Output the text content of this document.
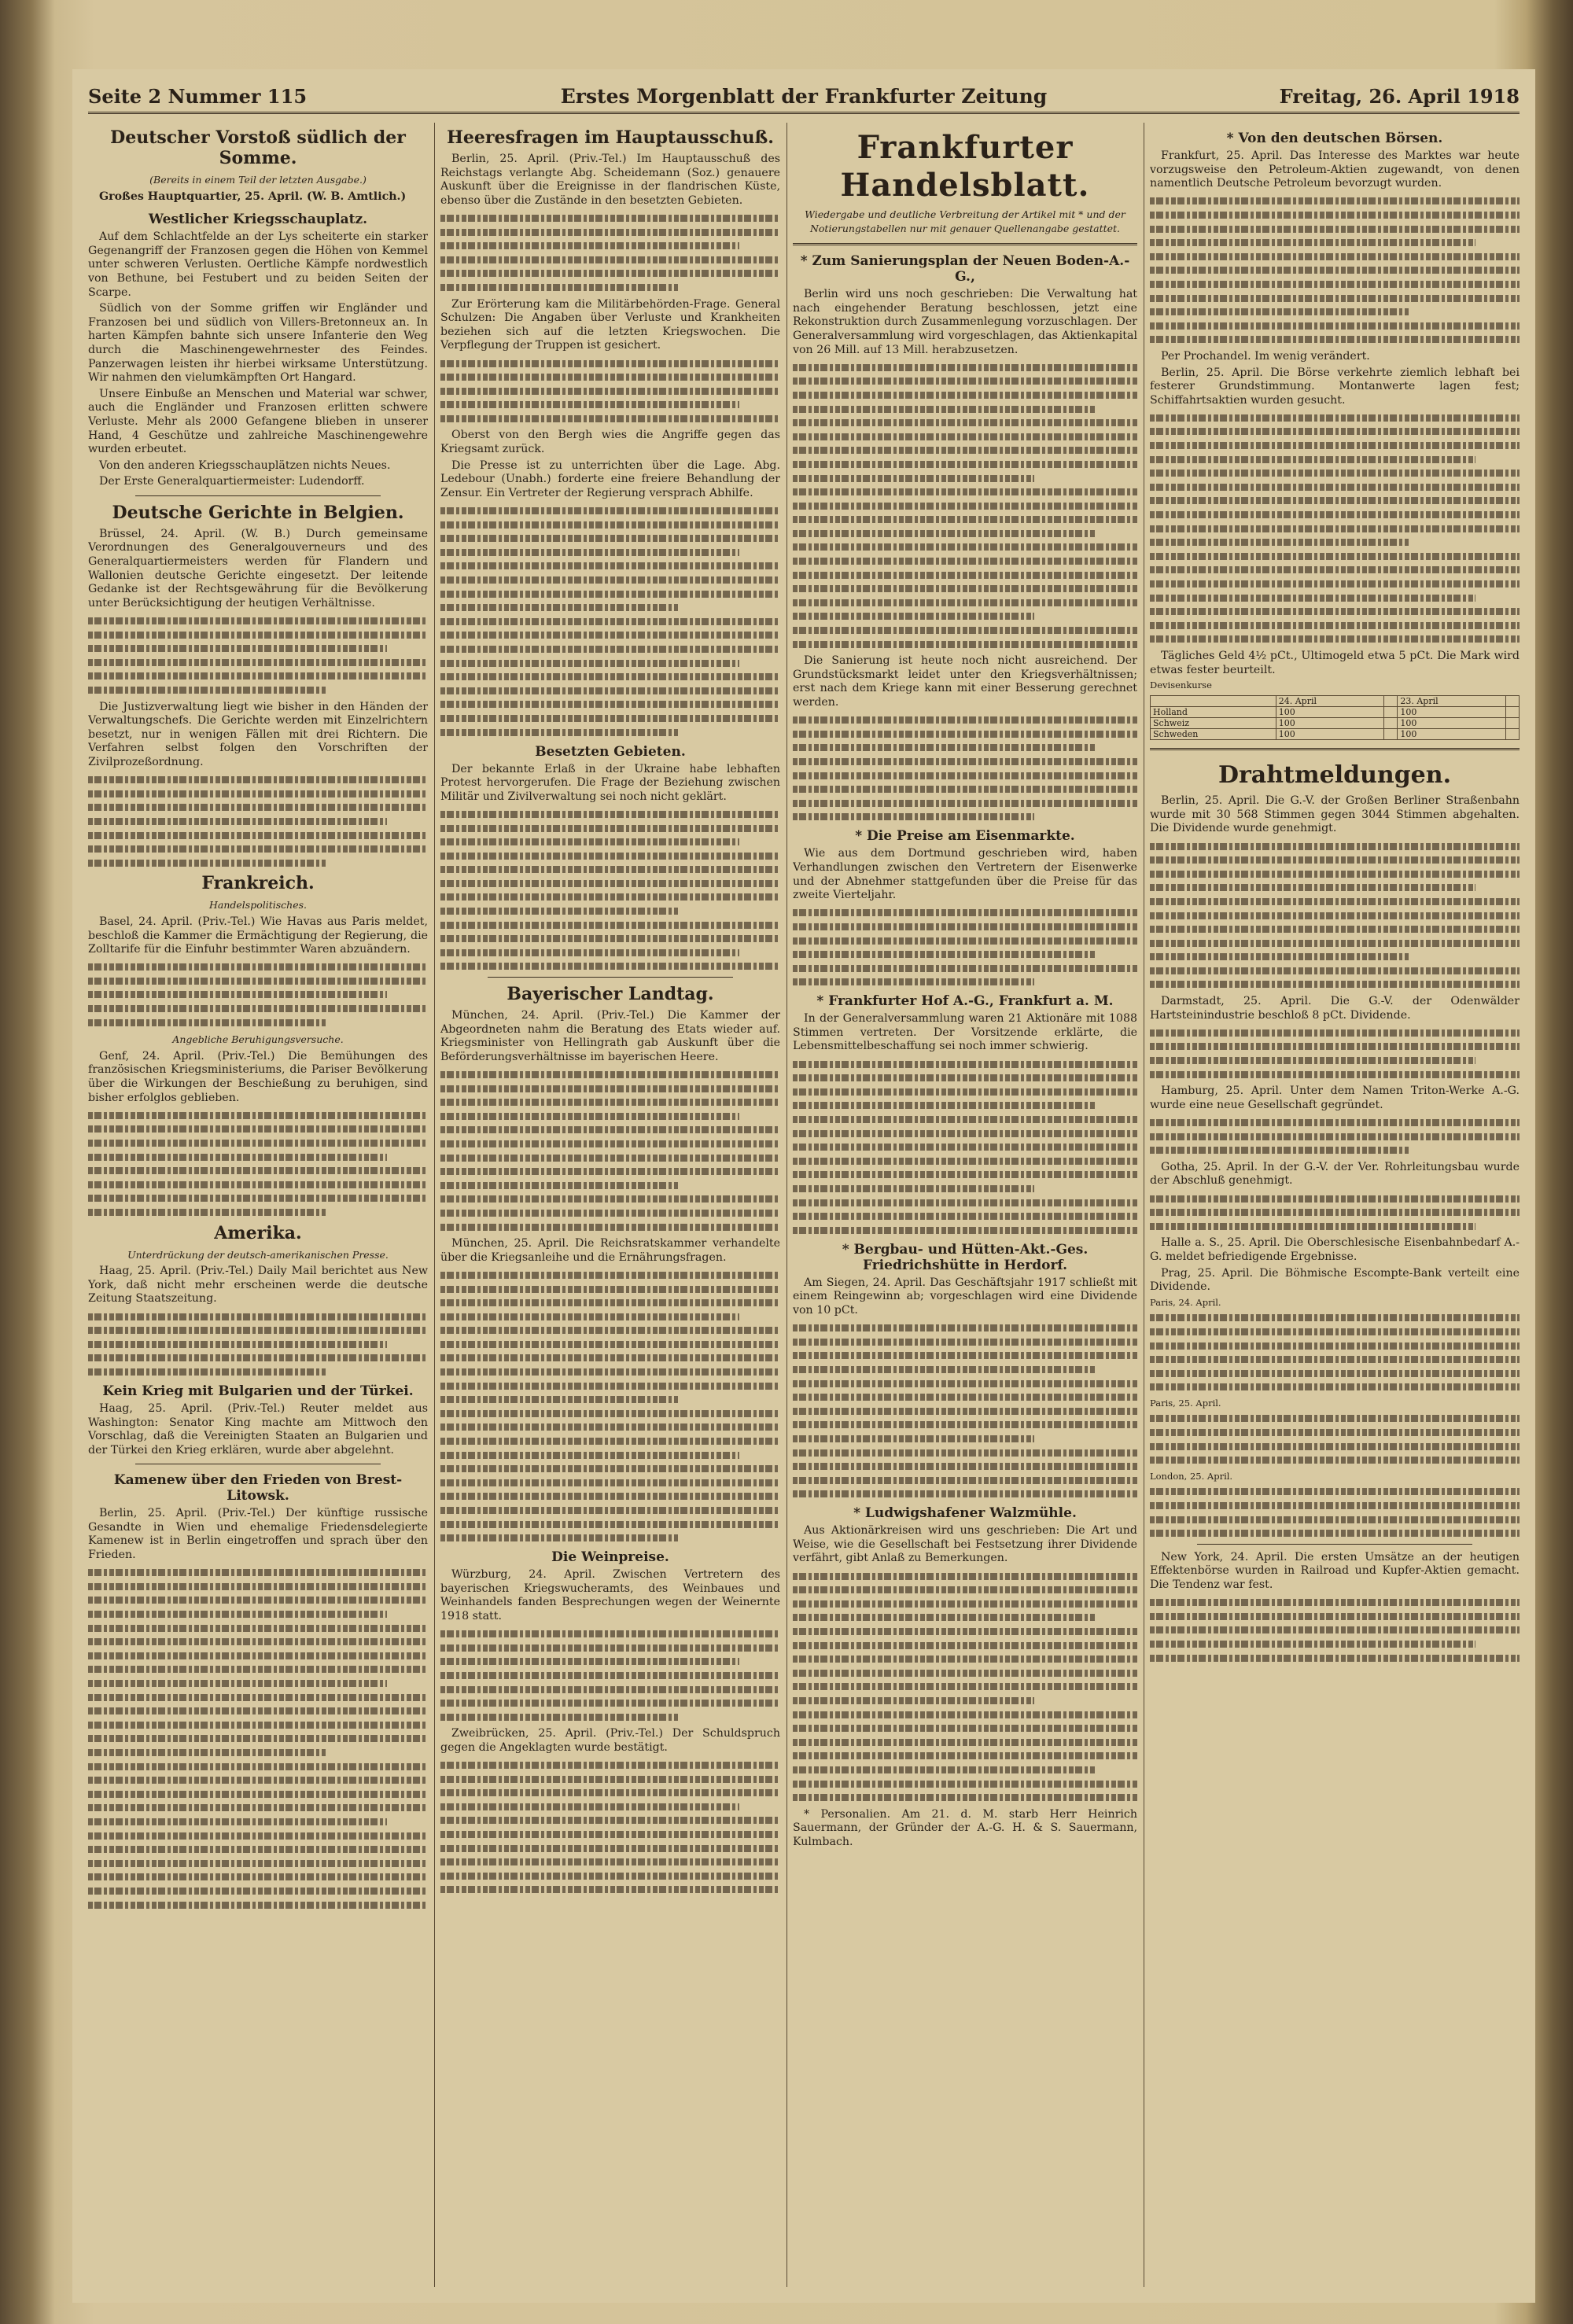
Seite 2 Nummer 115	Erstes Morgenblatt der Frankfurter Zeitung	Freitag, 26. April 1918
Deutscher Vorstoß südlich der Somme.
(Bereits in einem Teil der letzten Ausgabe.)

Großes Hauptquartier, 25. April. (W. B. Amtlich.)

Westlicher Kriegsschauplatz.

Auf dem Schlachtfelde an der Lys scheiterte ein starker Gegenangriff der Franzosen gegen die Höhen von Kemmel unter schweren Verlusten. Oertliche Kämpfe nordwestlich von Bethune, bei Festubert und zu beiden Seiten der Scarpe.

Südlich von der Somme griffen wir Engländer und Franzosen bei und südlich von Villers-Bretonneux an. In harten Kämpfen bahnte sich unsere Infanterie den Weg durch die Maschinengewehrnester des Feindes. Panzerwagen leisten ihr hierbei wirksame Unterstützung. Wir nahmen den vielumkämpften Ort Hangard.

Unsere Einbuße an Menschen und Material war schwer, auch die Engländer und Franzosen erlitten schwere Verluste. Mehr als 2000 Gefangene blieben in unserer Hand, 4 Geschütze und zahlreiche Maschinengewehre wurden erbeutet.

Von den anderen Kriegsschauplätzen nichts Neues.

Der Erste Generalquartiermeister: Ludendorff.

Deutsche Gerichte in Belgien.

Brüssel, 24. April. (W. B.) Durch gemeinsame Verordnungen des Generalgouverneurs und des Generalquartiermeisters werden für Flandern und Wallonien deutsche Gerichte eingesetzt. Der leitende Gedanke ist der Rechtsgewährung für die Bevölkerung unter Berücksichtigung der heutigen Verhältnisse.

Die Justizverwaltung liegt wie bisher in den Händen der Verwaltungschefs. Die Gerichte werden mit Einzelrichtern besetzt, nur in wenigen Fällen mit drei Richtern. Die Verfahren selbst folgen den Vorschriften der Zivilprozeßordnung.

Frankreich.
Handelspolitisches.

Basel, 24. April. (Priv.-Tel.) Wie Havas aus Paris meldet, beschloß die Kammer die Ermächtigung der Regierung, die Zolltarife für die Einfuhr bestimmter Waren abzuändern.

Angebliche Beruhigungsversuche.

Genf, 24. April. (Priv.-Tel.) Die Bemühungen des französischen Kriegsministeriums, die Pariser Bevölkerung über die Wirkungen der Beschießung zu beruhigen, sind bisher erfolglos geblieben.

Amerika.
Unterdrückung der deutsch-amerikanischen Presse.

Haag, 25. April. (Priv.-Tel.) Daily Mail berichtet aus New York, daß nicht mehr erscheinen werde die deutsche Zeitung Staatszeitung.

Kein Krieg mit Bulgarien und der Türkei.

Haag, 25. April. (Priv.-Tel.) Reuter meldet aus Washington: Senator King machte am Mittwoch den Vorschlag, daß die Vereinigten Staaten an Bulgarien und der Türkei den Krieg erklären, wurde aber abgelehnt.

Kamenew über den Frieden von Brest-Litowsk.

Berlin, 25. April. (Priv.-Tel.) Der künftige russische Gesandte in Wien und ehemalige Friedensdelegierte Kamenew ist in Berlin eingetroffen und sprach über den Frieden.

Heeresfragen im Hauptausschuß.

Berlin, 25. April. (Priv.-Tel.) Im Hauptausschuß des Reichstags verlangte Abg. Scheidemann (Soz.) genauere Auskunft über die Ereignisse in der flandrischen Küste, ebenso über die Zustände in den besetzten Gebieten.

Zur Erörterung kam die Militärbehörden-Frage. General Schulzen: Die Angaben über Verluste und Krankheiten beziehen sich auf die letzten Kriegswochen. Die Verpflegung der Truppen ist gesichert.

Oberst von den Bergh wies die Angriffe gegen das Kriegsamt zurück.

Die Presse ist zu unterrichten über die Lage. Abg. Ledebour (Unabh.) forderte eine freiere Behandlung der Zensur. Ein Vertreter der Regierung versprach Abhilfe.

Besetzten Gebieten.

Der bekannte Erlaß in der Ukraine habe lebhaften Protest hervorgerufen. Die Frage der Beziehung zwischen Militär und Zivilverwaltung sei noch nicht geklärt.

Bayerischer Landtag.

München, 24. April. (Priv.-Tel.) Die Kammer der Abgeordneten nahm die Beratung des Etats wieder auf. Kriegsminister von Hellingrath gab Auskunft über die Beförderungsverhältnisse im bayerischen Heere.

München, 25. April. Die Reichsratskammer verhandelte über die Kriegsanleihe und die Ernährungsfragen.

Die Weinpreise.

Würzburg, 24. April. Zwischen Vertretern des bayerischen Kriegswucheramts, des Weinbaues und Weinhandels fanden Besprechungen wegen der Weinernte 1918 statt.

Zweibrücken, 25. April. (Priv.-Tel.) Der Schuldspruch gegen die Angeklagten wurde bestätigt.

Frankfurter Handelsblatt.
Wiedergabe und deutliche Verbreitung der Artikel mit * und der Notierungstabellen nur mit genauer Quellenangabe gestattet.
* Zum Sanierungsplan der Neuen Boden-A.-G.,

Berlin wird uns noch geschrieben: Die Verwaltung hat nach eingehender Beratung beschlossen, jetzt eine Rekonstruktion durch Zusammenlegung vorzuschlagen. Der Generalversammlung wird vorgeschlagen, das Aktienkapital von 26 Mill. auf 13 Mill. herabzusetzen.

Die Sanierung ist heute noch nicht ausreichend. Der Grundstücksmarkt leidet unter den Kriegsverhältnissen; erst nach dem Kriege kann mit einer Besserung gerechnet werden.

* Die Preise am Eisenmarkte.

Wie aus dem Dortmund geschrieben wird, haben Verhandlungen zwischen den Vertretern der Eisenwerke und der Abnehmer stattgefunden über die Preise für das zweite Vierteljahr.

* Frankfurter Hof A.-G., Frankfurt a. M.

In der Generalversammlung waren 21 Aktionäre mit 1088 Stimmen vertreten. Der Vorsitzende erklärte, die Lebensmittelbeschaffung sei noch immer schwierig.

* Bergbau- und Hütten-Akt.-Ges. Friedrichshütte in Herdorf.

Am Siegen, 24. April. Das Geschäftsjahr 1917 schließt mit einem Reingewinn ab; vorgeschlagen wird eine Dividende von 10 pCt.

* Ludwigshafener Walzmühle.

Aus Aktionärkreisen wird uns geschrieben: Die Art und Weise, wie die Gesellschaft bei Festsetzung ihrer Dividende verfährt, gibt Anlaß zu Bemerkungen.

* Personalien. Am 21. d. M. starb Herr Heinrich Sauermann, der Gründer der A.-G. H. & S. Sauermann, Kulmbach.

* Von den deutschen Börsen.

Frankfurt, 25. April. Das Interesse des Marktes war heute vorzugsweise den Petroleum-Aktien zugewandt, von denen namentlich Deutsche Petroleum bevorzugt wurden.

Per Prochandel. Im wenig verändert.

Berlin, 25. April. Die Börse verkehrte ziemlich lebhaft bei festerer Grundstimmung. Montanwerte lagen fest; Schiffahrtsaktien wurden gesucht.

Tägliches Geld 4½ pCt., Ultimogeld etwa 5 pCt. Die Mark wird etwas fester beurteilt.

Devisenkurse
	24. April		23. April	
Holland	100		100	
Schweiz	100		100	
Schweden	100		100	
Drahtmeldungen.

Berlin, 25. April. Die G.-V. der Großen Berliner Straßenbahn wurde mit 30 568 Stimmen gegen 3044 Stimmen abgehalten. Die Dividende wurde genehmigt.

Darmstadt, 25. April. Die G.-V. der Odenwälder Hartsteinindustrie beschloß 8 pCt. Dividende.

Hamburg, 25. April. Unter dem Namen Triton-Werke A.-G. wurde eine neue Gesellschaft gegründet.

Gotha, 25. April. In der G.-V. der Ver. Rohrleitungsbau wurde der Abschluß genehmigt.

Halle a. S., 25. April. Die Oberschlesische Eisenbahnbedarf A.-G. meldet befriedigende Ergebnisse.

Prag, 25. April. Die Böhmische Escompte-Bank verteilt eine Dividende.

Paris, 24. April.
Paris, 25. April.
London, 25. April.

New York, 24. April. Die ersten Umsätze an der heutigen Effektenbörse wurden in Railroad und Kupfer-Aktien gemacht. Die Tendenz war fest.
